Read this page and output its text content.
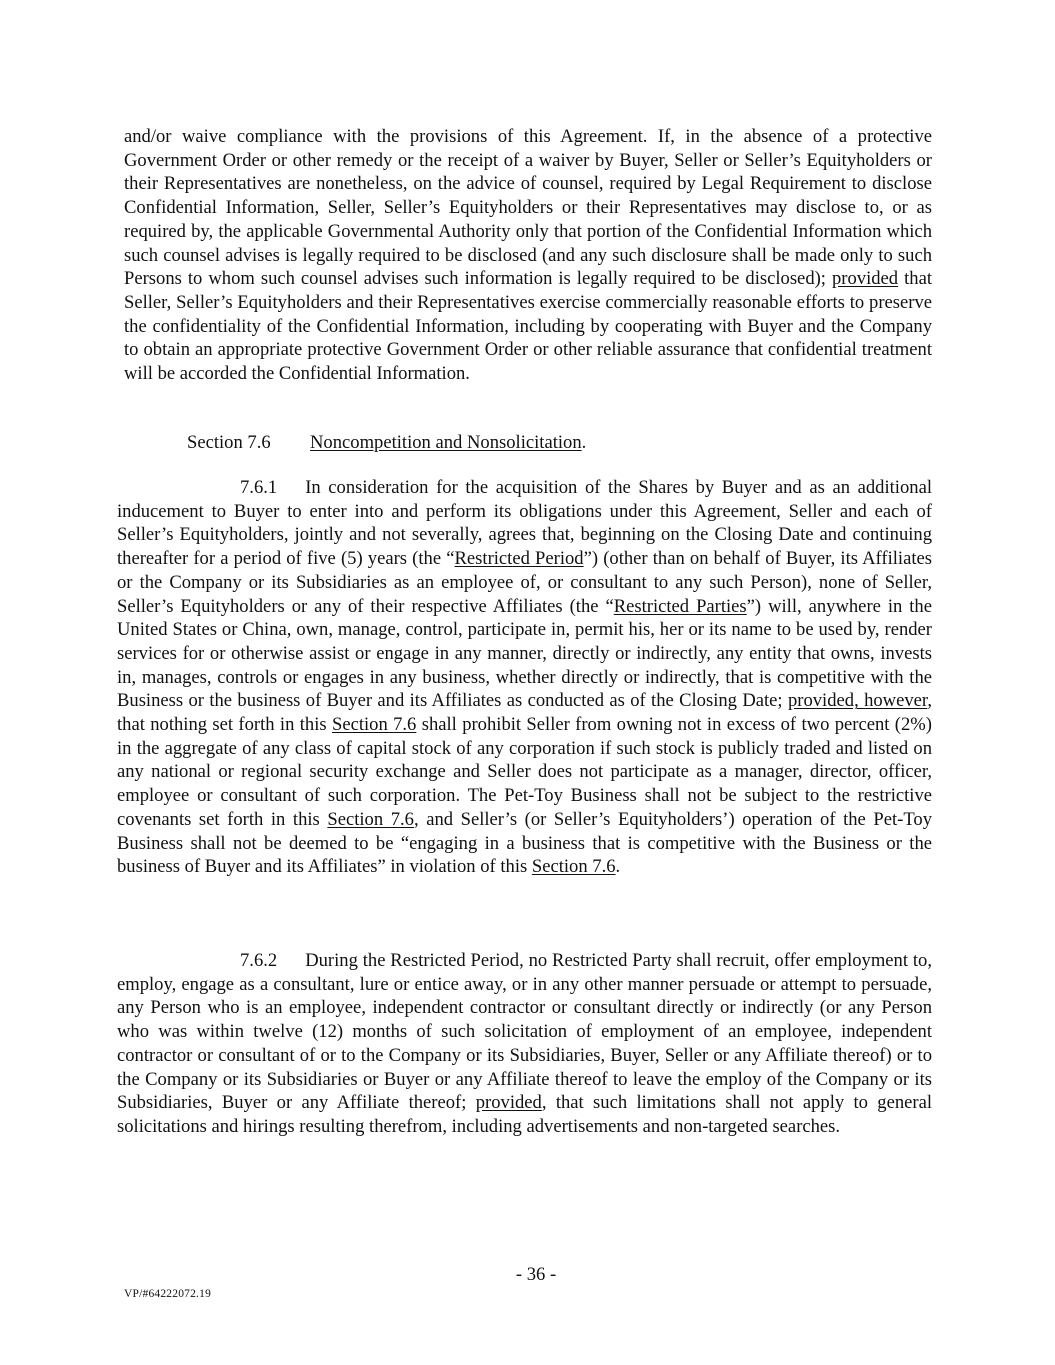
and/or waive compliance with the provisions of this Agreement. If, in the absence of a protective Government Order or other remedy or the receipt of a waiver by Buyer, Seller or Seller’s Equityholders or their Representatives are nonetheless, on the advice of counsel, required by Legal Requirement to disclose Confidential Information, Seller, Seller’s Equityholders or their Representatives may disclose to, or as required by, the applicable Governmental Authority only that portion of the Confidential Information which such counsel advises is legally required to be disclosed (and any such disclosure shall be made only to such Persons to whom such counsel advises such information is legally required to be disclosed); provided that Seller, Seller’s Equityholders and their Representatives exercise commercially reasonable efforts to preserve the confidentiality of the Confidential Information, including by cooperating with Buyer and the Company to obtain an appropriate protective Government Order or other reliable assurance that confidential treatment will be accorded the Confidential Information.

Section 7.6 Noncompetition and Nonsolicitation.

7.6.1 In consideration for the acquisition of the Shares by Buyer and as an additional inducement to Buyer to enter into and perform its obligations under this Agreement, Seller and each of Seller’s Equityholders, jointly and not severally, agrees that, beginning on the Closing Date and continuing thereafter for a period of five (5) years (the “Restricted Period”) (other than on behalf of Buyer, its Affiliates or the Company or its Subsidiaries as an employee of, or consultant to any such Person), none of Seller, Seller’s Equityholders or any of their respective Affiliates (the “Restricted Parties”) will, anywhere in the United States or China, own, manage, control, participate in, permit his, her or its name to be used by, render services for or otherwise assist or engage in any manner, directly or indirectly, any entity that owns, invests in, manages, controls or engages in any business, whether directly or indirectly, that is competitive with the Business or the business of Buyer and its Affiliates as conducted as of the Closing Date; provided, however, that nothing set forth in this Section 7.6 shall prohibit Seller from owning not in excess of two percent (2%) in the aggregate of any class of capital stock of any corporation if such stock is publicly traded and listed on any national or regional security exchange and Seller does not participate as a manager, director, officer, employee or consultant of such corporation. The Pet-Toy Business shall not be subject to the restrictive covenants set forth in this Section 7.6, and Seller’s (or Seller’s Equityholders’) operation of the Pet-Toy Business shall not be deemed to be “engaging in a business that is competitive with the Business or the business of Buyer and its Affiliates” in violation of this Section 7.6.

7.6.2 During the Restricted Period, no Restricted Party shall recruit, offer employment to, employ, engage as a consultant, lure or entice away, or in any other manner persuade or attempt to persuade, any Person who is an employee, independent contractor or consultant directly or indirectly (or any Person who was within twelve (12) months of such solicitation of employment of an employee, independent contractor or consultant of or to the Company or its Subsidiaries, Buyer, Seller or any Affiliate thereof) or to the Company or its Subsidiaries or Buyer or any Affiliate thereof to leave the employ of the Company or its Subsidiaries, Buyer or any Affiliate thereof; provided, that such limitations shall not apply to general solicitations and hirings resulting therefrom, including advertisements and non-targeted searches.

- 36 -
VP/#64222072.19
